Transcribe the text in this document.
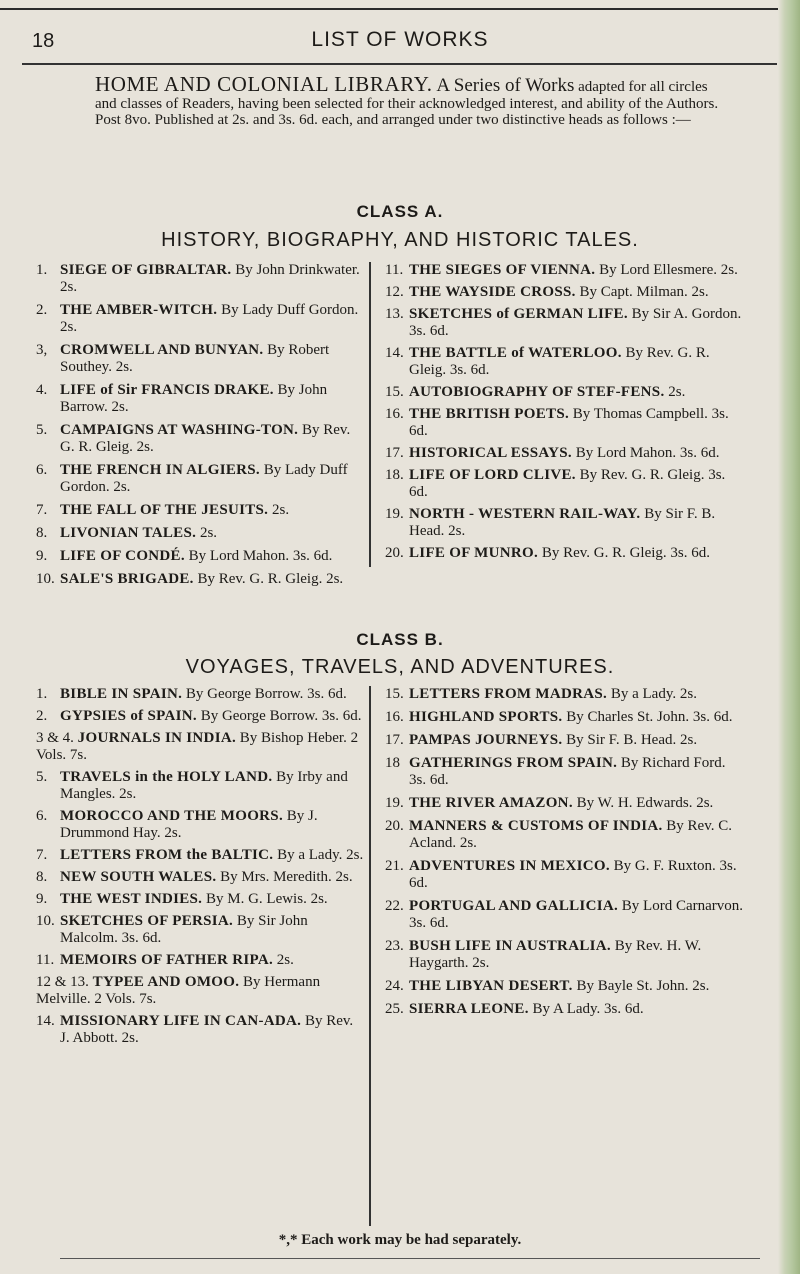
18	LIST OF WORKS
HOME AND COLONIAL LIBRARY. A Series of Works adapted for all circles and classes of Readers, having been selected for their acknowledged interest, and ability of the Authors. Post 8vo. Published at 2s. and 3s. 6d. each, and arranged under two distinctive heads as follows :—
CLASS A.
HISTORY, BIOGRAPHY, AND HISTORIC TALES.
1. SIEGE OF GIBRALTAR. By John Drinkwater. 2s.
2. THE AMBER-WITCH. By Lady Duff Gordon. 2s.
3, CROMWELL AND BUNYAN. By Robert Southey. 2s.
4. LIFE of Sir FRANCIS DRAKE. By John Barrow. 2s.
5. CAMPAIGNS AT WASHING-TON. By Rev. G. R. Gleig. 2s.
6. THE FRENCH IN ALGIERS. By Lady Duff Gordon. 2s.
7. THE FALL OF THE JESUITS. 2s.
8. LIVONIAN TALES. 2s.
9. LIFE OF CONDÉ. By Lord Mahon. 3s. 6d.
10. SALE'S BRIGADE. By Rev. G. R. Gleig. 2s.
11. THE SIEGES OF VIENNA. By Lord Ellesmere. 2s.
12. THE WAYSIDE CROSS. By Capt. Milman. 2s.
13. SKETCHES of GERMAN LIFE. By Sir A. Gordon. 3s. 6d.
14. THE BATTLE of WATERLOO. By Rev. G. R. Gleig. 3s. 6d.
15. AUTOBIOGRAPHY OF STEF-FENS. 2s.
16. THE BRITISH POETS. By Thomas Campbell. 3s. 6d.
17. HISTORICAL ESSAYS. By Lord Mahon. 3s. 6d.
18. LIFE OF LORD CLIVE. By Rev. G. R. Gleig. 3s. 6d.
19. NORTH - WESTERN RAIL-WAY. By Sir F. B. Head. 2s.
20. LIFE OF MUNRO. By Rev. G. R. Gleig. 3s. 6d.
CLASS B.
VOYAGES, TRAVELS, AND ADVENTURES.
1. BIBLE IN SPAIN. By George Borrow. 3s. 6d.
2. GYPSIES of SPAIN. By George Borrow. 3s. 6d.
3 & 4. JOURNALS IN INDIA. By Bishop Heber. 2 Vols. 7s.
5. TRAVELS in the HOLY LAND. By Irby and Mangles. 2s.
6. MOROCCO AND THE MOORS. By J. Drummond Hay. 2s.
7. LETTERS FROM the BALTIC. By a Lady. 2s.
8. NEW SOUTH WALES. By Mrs. Meredith. 2s.
9. THE WEST INDIES. By M. G. Lewis. 2s.
10. SKETCHES OF PERSIA. By Sir John Malcolm. 3s. 6d.
11. MEMOIRS OF FATHER RIPA. 2s.
12 & 13. TYPEE AND OMOO. By Hermann Melville. 2 Vols. 7s.
14. MISSIONARY LIFE IN CAN-ADA. By Rev. J. Abbott. 2s.
15. LETTERS FROM MADRAS. By a Lady. 2s.
16. HIGHLAND SPORTS. By Charles St. John. 3s. 6d.
17. PAMPAS JOURNEYS. By Sir F. B. Head. 2s.
18 GATHERINGS FROM SPAIN. By Richard Ford. 3s. 6d.
19. THE RIVER AMAZON. By W. H. Edwards. 2s.
20. MANNERS & CUSTOMS OF INDIA. By Rev. C. Acland. 2s.
21. ADVENTURES IN MEXICO. By G. F. Ruxton. 3s. 6d.
22. PORTUGAL AND GALLICIA. By Lord Carnarvon. 3s. 6d.
23. BUSH LIFE IN AUSTRALIA. By Rev. H. W. Haygarth. 2s.
24. THE LIBYAN DESERT. By Bayle St. John. 2s.
25. SIERRA LEONE. By A Lady. 3s. 6d.
*,* Each work may be had separately.
